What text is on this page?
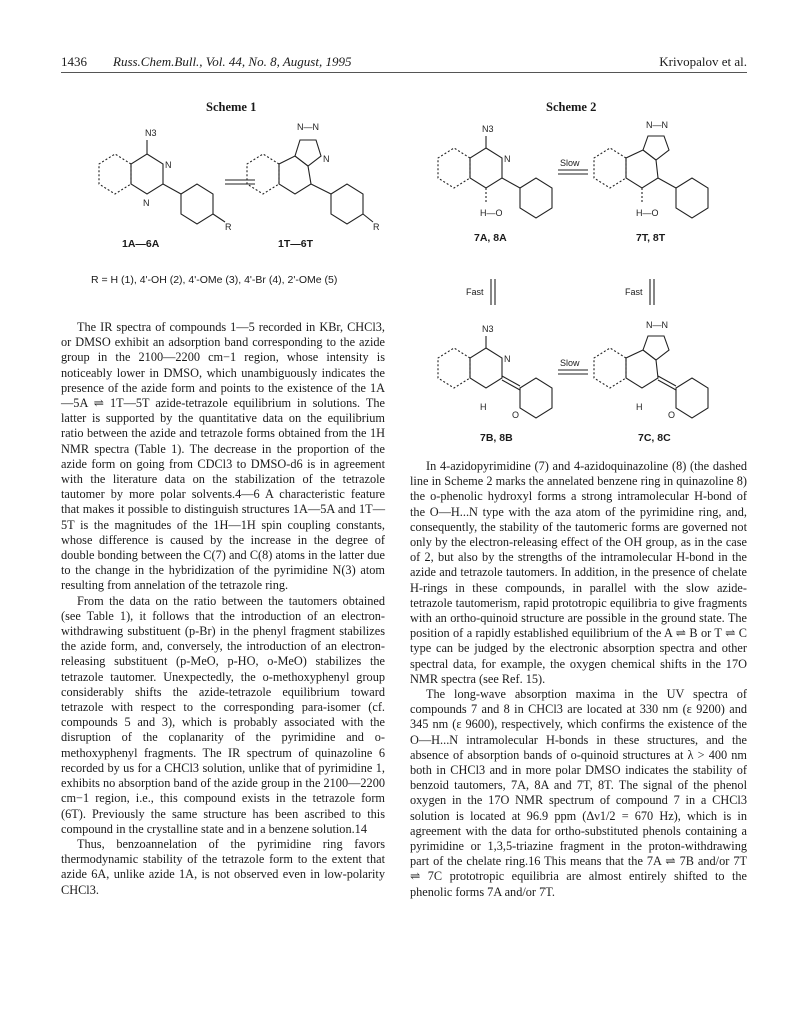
1436 Russ.Chem.Bull., Vol. 44, No. 8, August, 1995	Krivopalov et al.
Scheme 1
N3
N
N
R
N—N
N
R
1A—6A	1T—6T
R = H (1), 4'-OH (2), 4'-OMe (3), 4'-Br (4), 2'-OMe (5)
Scheme 2
N3
N
H—O
N—N
H—O
Slow
7A, 8A	7T, 8T
Fast	Fast
N3
N
H
O
N—N
H
O
Slow
7B, 8B	7C, 8C

The IR spectra of compounds 1—5 recorded in KBr, CHCl3, or DMSO exhibit an adsorption band corresponding to the azide group in the 2100—2200 cm−1 region, whose intensity is noticeably lower in DMSO, which unambiguously indicates the presence of the azide form and points to the existence of the 1A—5A ⇌ 1T—5T azide-tetrazole equilibrium in solutions. The latter is supported by the quantitative data on the equilibrium ratio between the azide and tetrazole forms obtained from the 1H NMR spectra (Table 1). The decrease in the proportion of the azide form on going from CDCl3 to DMSO-d6 is in agreement with the literature data on the stabilization of the tetrazole tautomer by more polar solvents.4—6 A characteristic feature that makes it possible to distinguish structures 1A—5A and 1T—5T is the magnitudes of the 1H—1H spin coupling constants, whose difference is caused by the increase in the degree of double bonding between the C(7) and C(8) atoms in the latter due to the change in the hybridization of the pyrimidine N(3) atom resulting from annelation of the tetrazole ring.

From the data on the ratio between the tautomers obtained (see Table 1), it follows that the introduction of an electron-withdrawing substituent (p-Br) in the phenyl fragment stabilizes the azide form, and, conversely, the introduction of an electron-releasing substituent (p-MeO, p-HO, o-MeO) stabilizes the tetrazole tautomer. Unexpectedly, the o-methoxyphenyl group considerably shifts the azide-tetrazole equilibrium toward tetrazole with respect to the corresponding para-isomer (cf. compounds 5 and 3), which is probably associated with the disruption of the coplanarity of the pyrimidine and o-methoxyphenyl fragments. The IR spectrum of quinazoline 6 recorded by us for a CHCl3 solution, unlike that of pyrimidine 1, exhibits no absorption band of the azide group in the 2100—2200 cm−1 region, i.e., this compound exists in the tetrazole form (6T). Previously the same structure has been ascribed to this compound in the crystalline state and in a benzene solution.14

Thus, benzoannelation of the pyrimidine ring favors thermodynamic stability of the tetrazole form to the extent that azide 6A, unlike azide 1A, is not observed even in low-polarity CHCl3.

In 4-azidopyrimidine (7) and 4-azidoquinazoline (8) (the dashed line in Scheme 2 marks the annelated benzene ring in quinazoline 8) the o-phenolic hydroxyl forms a strong intramolecular H-bond of the O—H...N type with the aza atom of the pyrimidine ring, and, consequently, the stability of the tautomeric forms are governed not only by the electron-releasing effect of the OH group, as in the case of 2, but also by the strengths of the intramolecular H-bond in the azide and tetrazole tautomers. In addition, in the presence of chelate H-rings in these compounds, in parallel with the slow azide-tetrazole tautomerism, rapid prototropic equilibria to give fragments with an ortho-quinoid structure are possible in the ground state. The position of a rapidly established equilibrium of the A ⇌ B or T ⇌ C type can be judged by the electronic absorption spectra and other spectral data, for example, the oxygen chemical shifts in the 17O NMR spectra (see Ref. 15).

The long-wave absorption maxima in the UV spectra of compounds 7 and 8 in CHCl3 are located at 330 nm (ε 9200) and 345 nm (ε 9600), respectively, which confirms the existence of the O—H...N intramolecular H-bonds in these structures, and the absence of absorption bands of o-quinoid structures at λ > 400 nm both in CHCl3 and in more polar DMSO indicates the stability of benzoid tautomers, 7A, 8A and 7T, 8T. The signal of the phenol oxygen in the 17O NMR spectrum of compound 7 in a CHCl3 solution is located at 96.9 ppm (Δν1/2 = 670 Hz), which is in agreement with the data for ortho-substituted phenols containing a pyrimidine or 1,3,5-triazine fragment in the proton-withdrawing part of the chelate ring.16 This means that the 7A ⇌ 7B and/or 7T ⇌ 7C prototropic equilibria are almost entirely shifted to the phenolic forms 7A and/or 7T.
